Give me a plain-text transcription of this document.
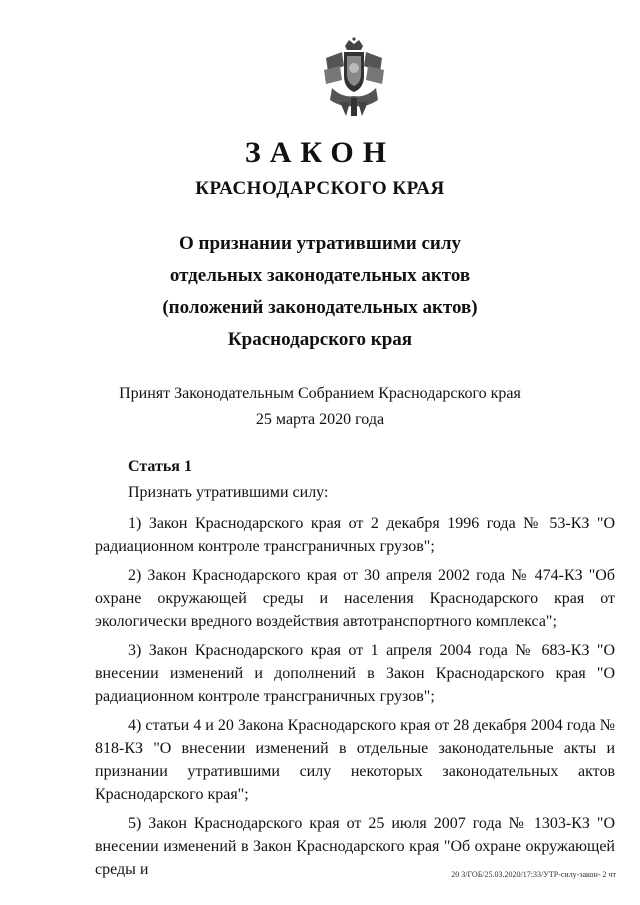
ЗАКОН
КРАСНОДАРСКОГО КРАЯ
О признании утратившими силу
отдельных законодательных актов
(положений законодательных актов)
Краснодарского края
Принят Законодательным Собранием Краснодарского края
25 марта 2020 года
Статья 1

Признать утратившими силу:

1) Закон Краснодарского края от 2 декабря 1996 года № 53-КЗ "О радиационном контроле трансграничных грузов";

2) Закон Краснодарского края от 30 апреля 2002 года № 474-КЗ "Об охране окружающей среды и населения Краснодарского края от экологически вредного воздействия автотранспортного комплекса";

3) Закон Краснодарского края от 1 апреля 2004 года № 683-КЗ "О внесении изменений и дополнений в Закон Краснодарского края "О радиационном контроле трансграничных грузов";

4) статьи 4 и 20 Закона Краснодарского края от 28 декабря 2004 года № 818-КЗ "О внесении изменений в отдельные законодательные акты и признании утратившими силу некоторых законодательных актов Краснодарского края";

5) Закон Краснодарского края от 25 июля 2007 года № 1303-КЗ "О внесении изменений в Закон Краснодарского края "Об охране окружающей среды и	20 3/ГОБ/25.03.2020/17:33/УТР-силу-закон- 2 чт
